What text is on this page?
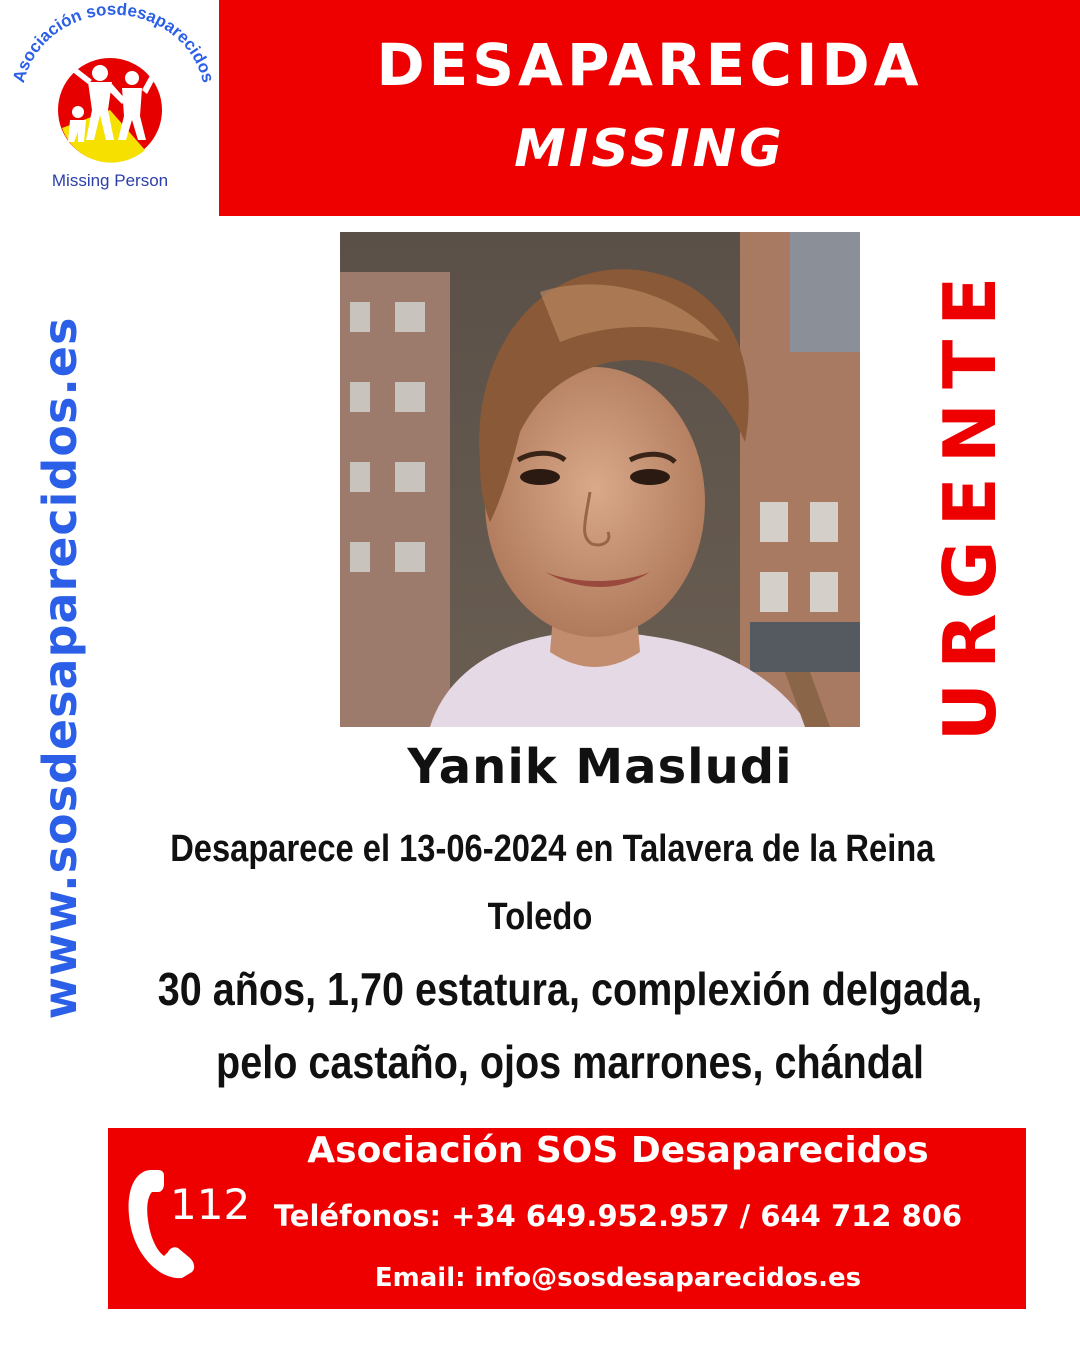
Asociación sosdesaparecidos
Missing Person
DESAPARECIDA
MISSING
www.sosdesaparecidos.es	URGENTE
Yanik Masludi
Desaparece el 13-06-2024 en Talavera de la Reina
Toledo
30 años, 1,70 estatura, complexión delgada,
pelo castaño, ojos marrones, chándal
112
Asociación SOS Desaparecidos
Teléfonos: +34 649.952.957 / 644 712 806
Email: info@sosdesaparecidos.es
